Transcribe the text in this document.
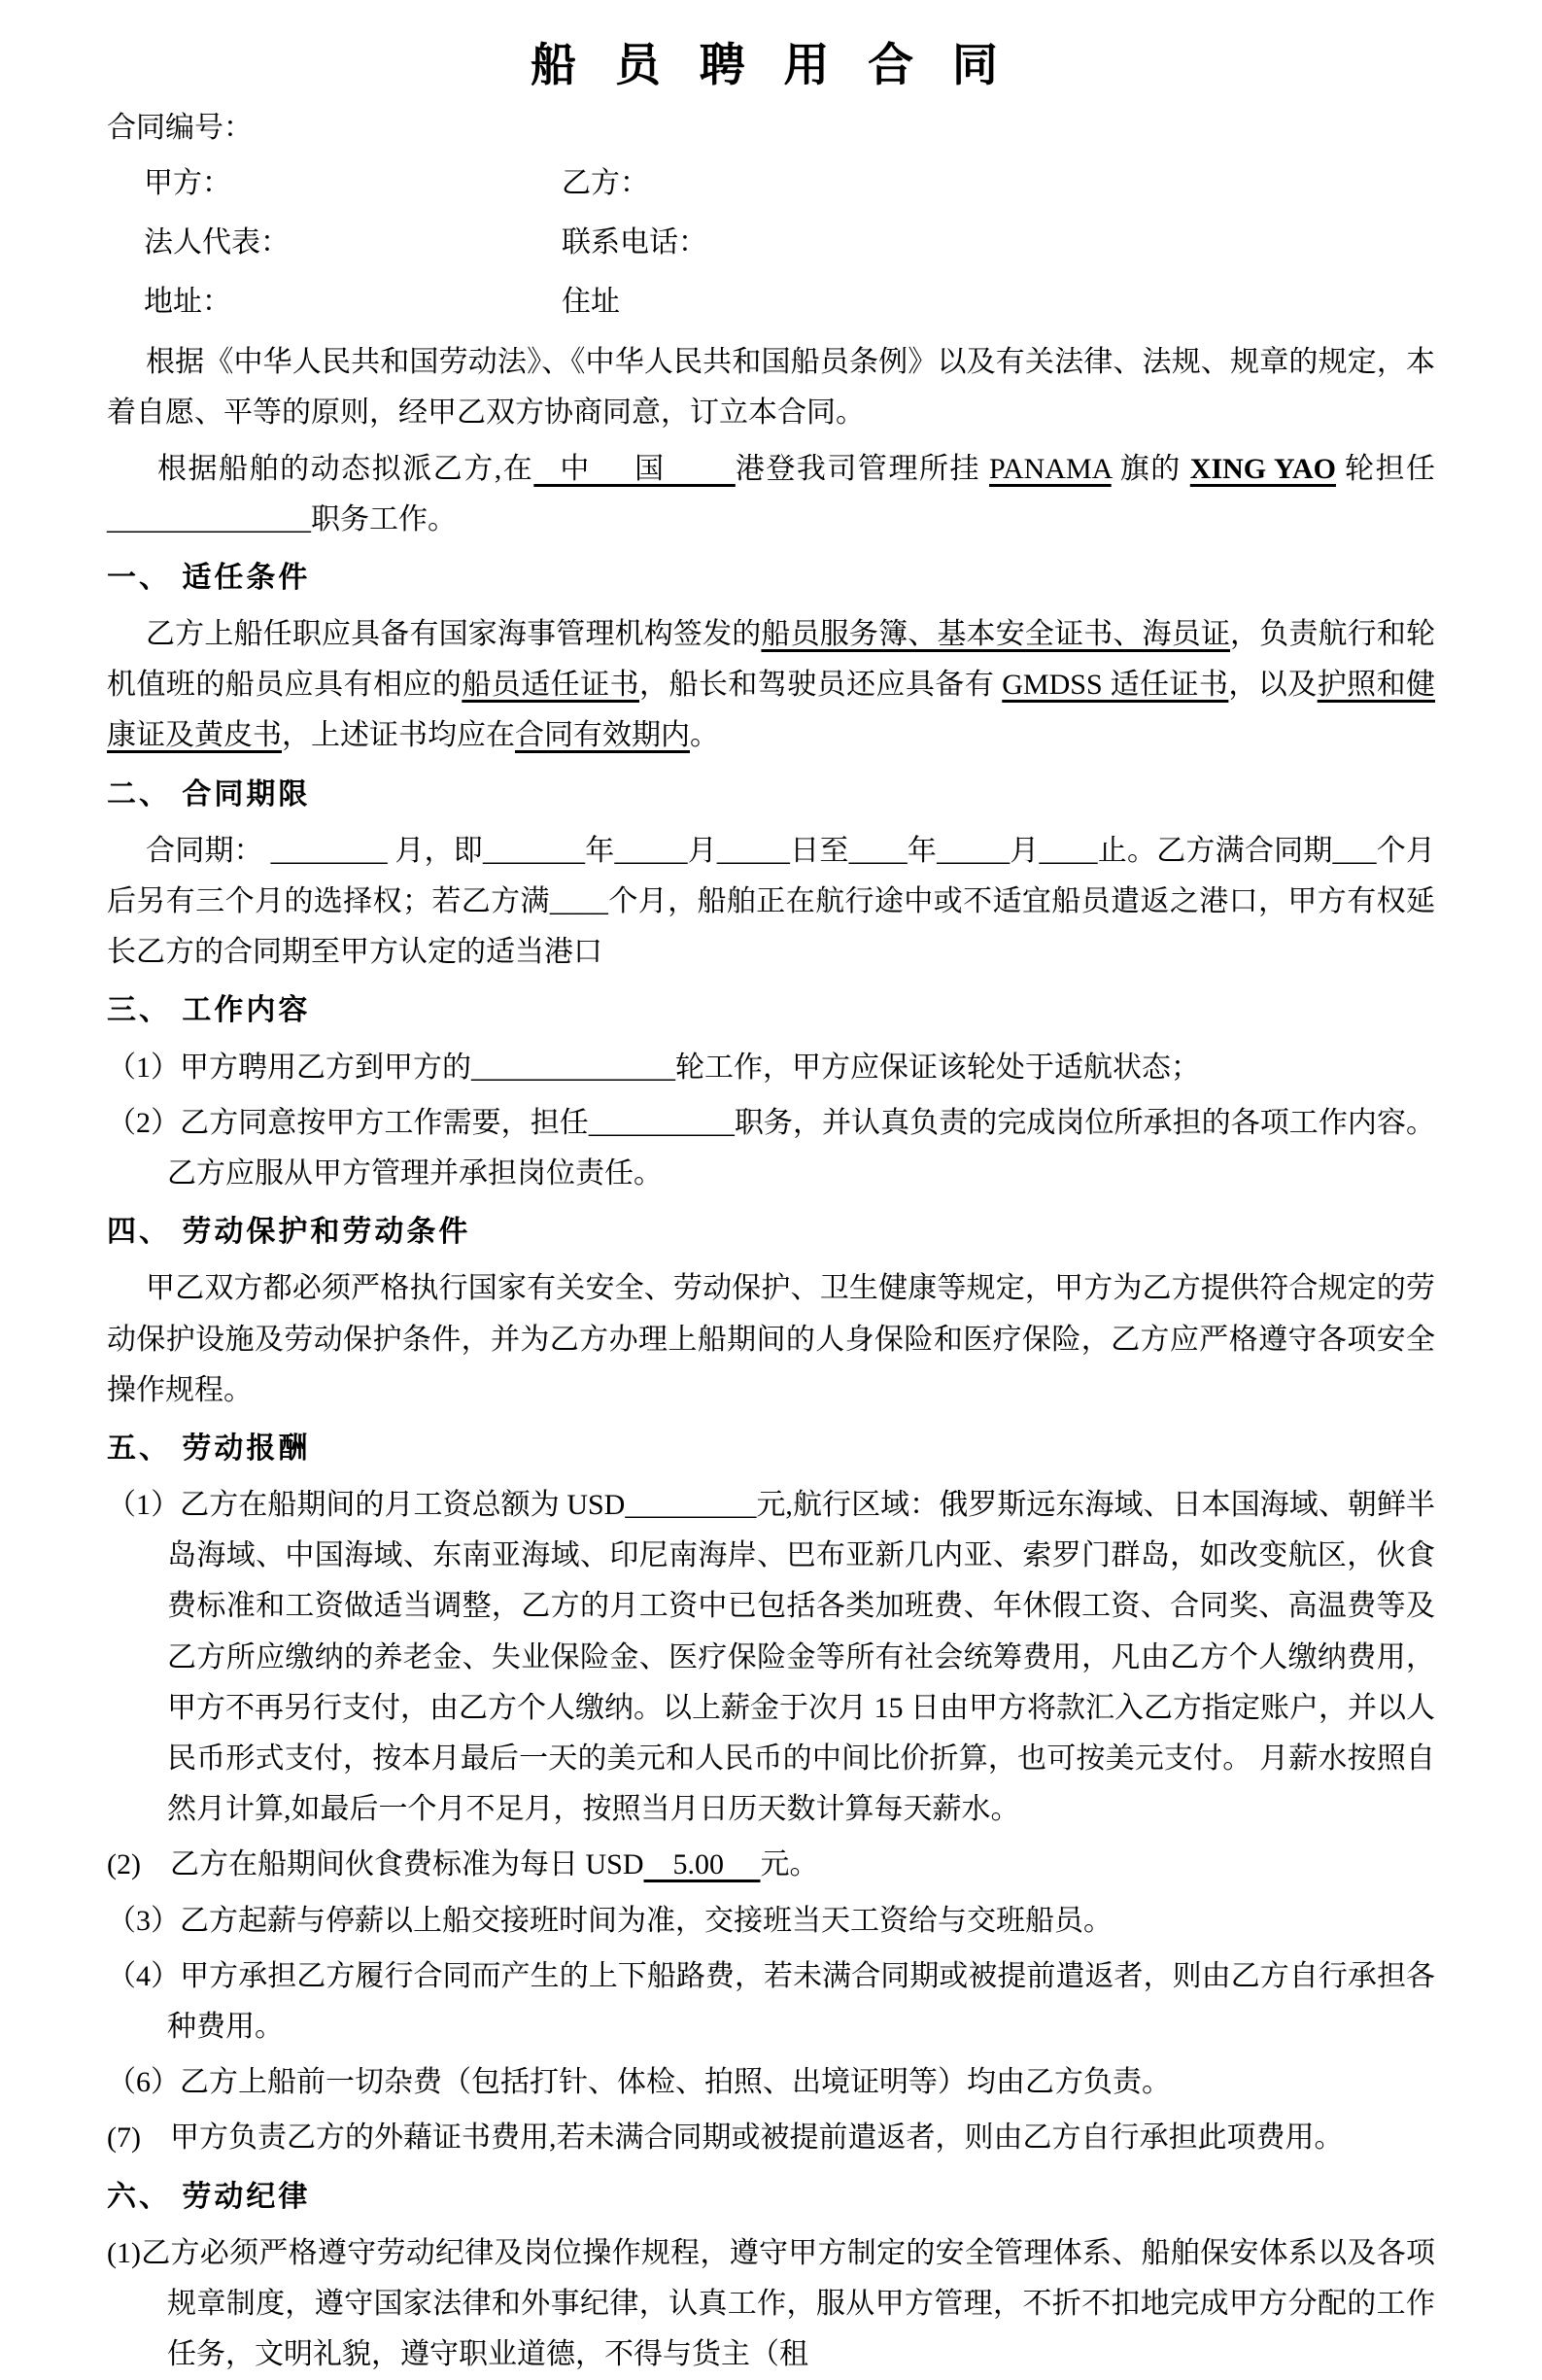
船 员 聘 用 合 同
合同编号：
甲方：	乙方：
法人代表：	联系电话：
地址：	住址

根据《中华人民共和国劳动法》、《中华人民共和国船员条例》以及有关法律、法规、规章的规定，本着自愿、平等的原则，经甲乙双方协商同意，订立本合同。

根据船舶的动态拟派乙方,在   中     国        港登我司管理所挂 PANAMA 旗的 XING YAO 轮担任______________职务工作。

一、 适任条件

乙方上船任职应具备有国家海事管理机构签发的船员服务簿、基本安全证书、海员证，负责航行和轮机值班的船员应具有相应的船员适任证书，船长和驾驶员还应具备有 GMDSS 适任证书，以及护照和健康证及黄皮书，上述证书均应在合同有效期内。

二、 合同期限

合同期： ________ 月，即_______年_____月_____日至____年_____月____止。乙方满合同期___个月后另有三个月的选择权；若乙方满____个月，船舶正在航行途中或不适宜船员遣返之港口，甲方有权延长乙方的合同期至甲方认定的适当港口

三、 工作内容

（1）甲方聘用乙方到甲方的______________轮工作，甲方应保证该轮处于适航状态；

（2）乙方同意按甲方工作需要，担任__________职务，并认真负责的完成岗位所承担的各项工作内容。乙方应服从甲方管理并承担岗位责任。

四、 劳动保护和劳动条件

甲乙双方都必须严格执行国家有关安全、劳动保护、卫生健康等规定，甲方为乙方提供符合规定的劳动保护设施及劳动保护条件，并为乙方办理上船期间的人身保险和医疗保险，乙方应严格遵守各项安全操作规程。

五、 劳动报酬

（1）乙方在船期间的月工资总额为 USD_________元,航行区域：俄罗斯远东海域、日本国海域、朝鲜半岛海域、中国海域、东南亚海域、印尼南海岸、巴布亚新几内亚、索罗门群岛，如改变航区，伙食费标准和工资做适当调整，乙方的月工资中已包括各类加班费、年休假工资、合同奖、高温费等及乙方所应缴纳的养老金、失业保险金、医疗保险金等所有社会统筹费用，凡由乙方个人缴纳费用，甲方不再另行支付，由乙方个人缴纳。以上薪金于次月 15 日由甲方将款汇入乙方指定账户，并以人民币形式支付，按本月最后一天的美元和人民币的中间比价折算，也可按美元支付。 月薪水按照自然月计算,如最后一个月不足月，按照当月日历天数计算每天薪水。

(2)　乙方在船期间伙食费标准为每日 USD    5.00     元。

（3）乙方起薪与停薪以上船交接班时间为准，交接班当天工资给与交班船员。

（4）甲方承担乙方履行合同而产生的上下船路费，若未满合同期或被提前遣返者，则由乙方自行承担各种费用。

（6）乙方上船前一切杂费（包括打针、体检、拍照、出境证明等）均由乙方负责。

(7)　甲方负责乙方的外藉证书费用,若未满合同期或被提前遣返者，则由乙方自行承担此项费用。

六、 劳动纪律

(1)乙方必须严格遵守劳动纪律及岗位操作规程，遵守甲方制定的安全管理体系、船舶保安体系以及各项规章制度，遵守国家法律和外事纪律，认真工作，服从甲方管理，不折不扣地完成甲方分配的工作任务，文明礼貌，遵守职业道德，不得与货主（租
